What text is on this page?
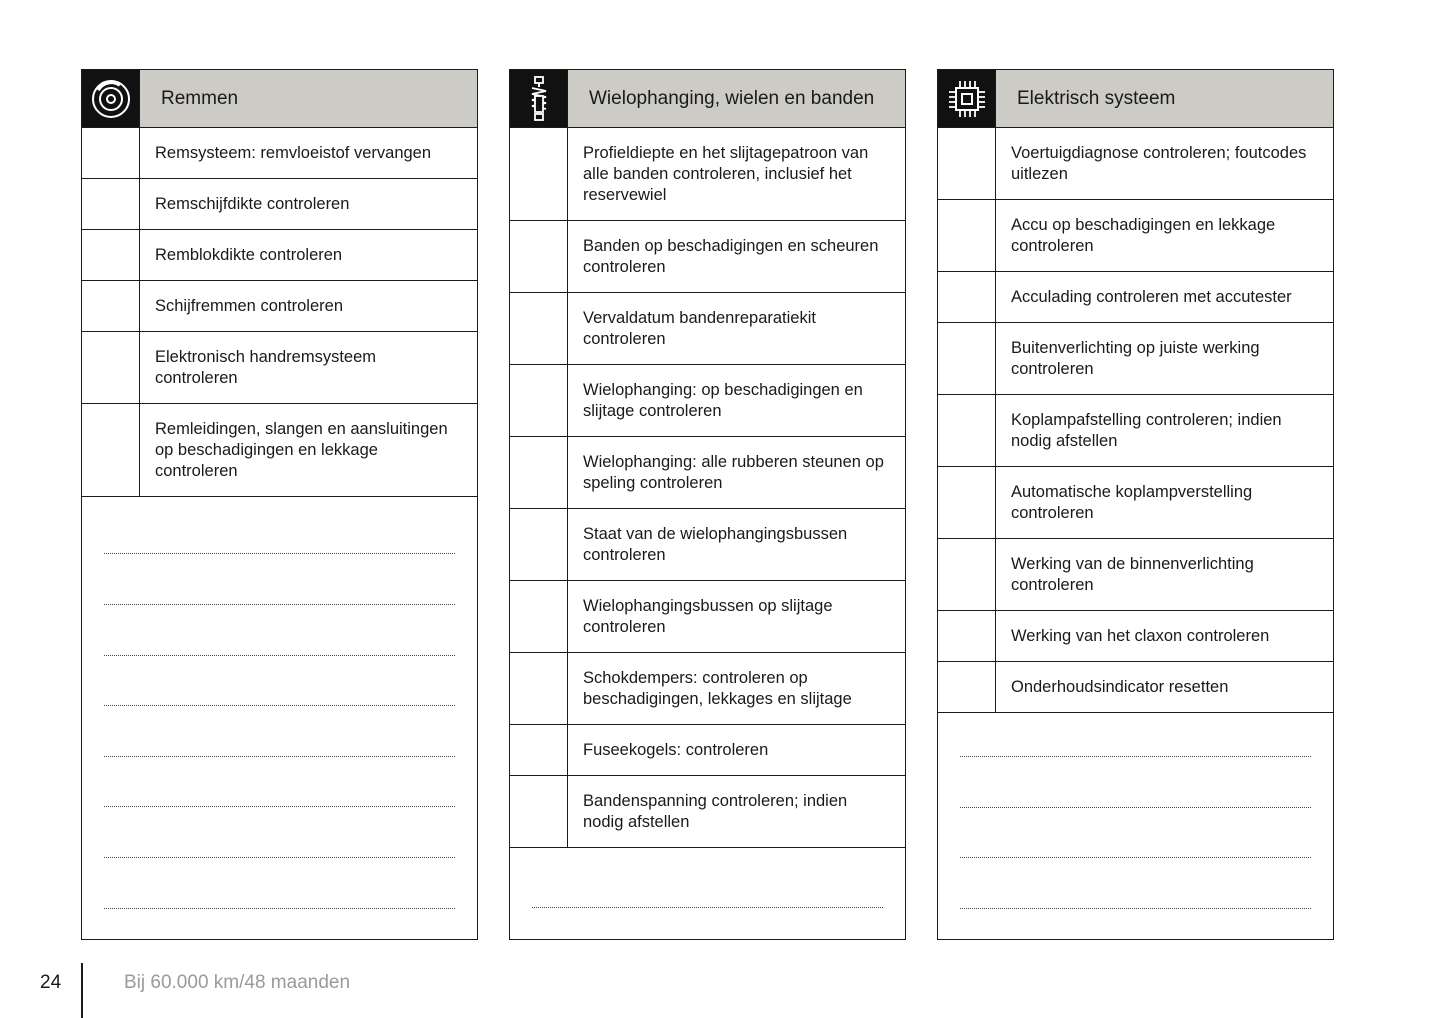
Remmen
Remsysteem: remvloeistof vervangen
Remschijfdikte controleren
Remblokdikte controleren
Schijfremmen controleren
Elektronisch handremsysteem controleren
Remleidingen, slangen en aansluitingen op beschadigingen en lekkage controleren
Wielophanging, wielen en banden
Profieldiepte en het slijtagepatroon van alle banden controleren, inclusief het reservewiel
Banden op beschadigingen en scheuren controleren
Vervaldatum bandenreparatiekit controleren
Wielophanging: op beschadigingen en slijtage controleren
Wielophanging: alle rubberen steunen op speling controleren
Staat van de wielophangingsbussen controleren
Wielophangingsbussen op slijtage controleren
Schokdempers: controleren op beschadigingen, lekkages en slijtage
Fuseekogels: controleren
Bandenspanning controleren; indien nodig afstellen
Elektrisch systeem
Voertuigdiagnose controleren; foutcodes uitlezen
Accu op beschadigingen en lekkage controleren
Acculading controleren met accutester
Buitenverlichting op juiste werking controleren
Koplampafstelling controleren; indien nodig afstellen
Automatische koplampverstelling controleren
Werking van de binnenverlichting controleren
Werking van het claxon controleren
Onderhoudsindicator resetten
24	Bij 60.000 km/48 maanden
